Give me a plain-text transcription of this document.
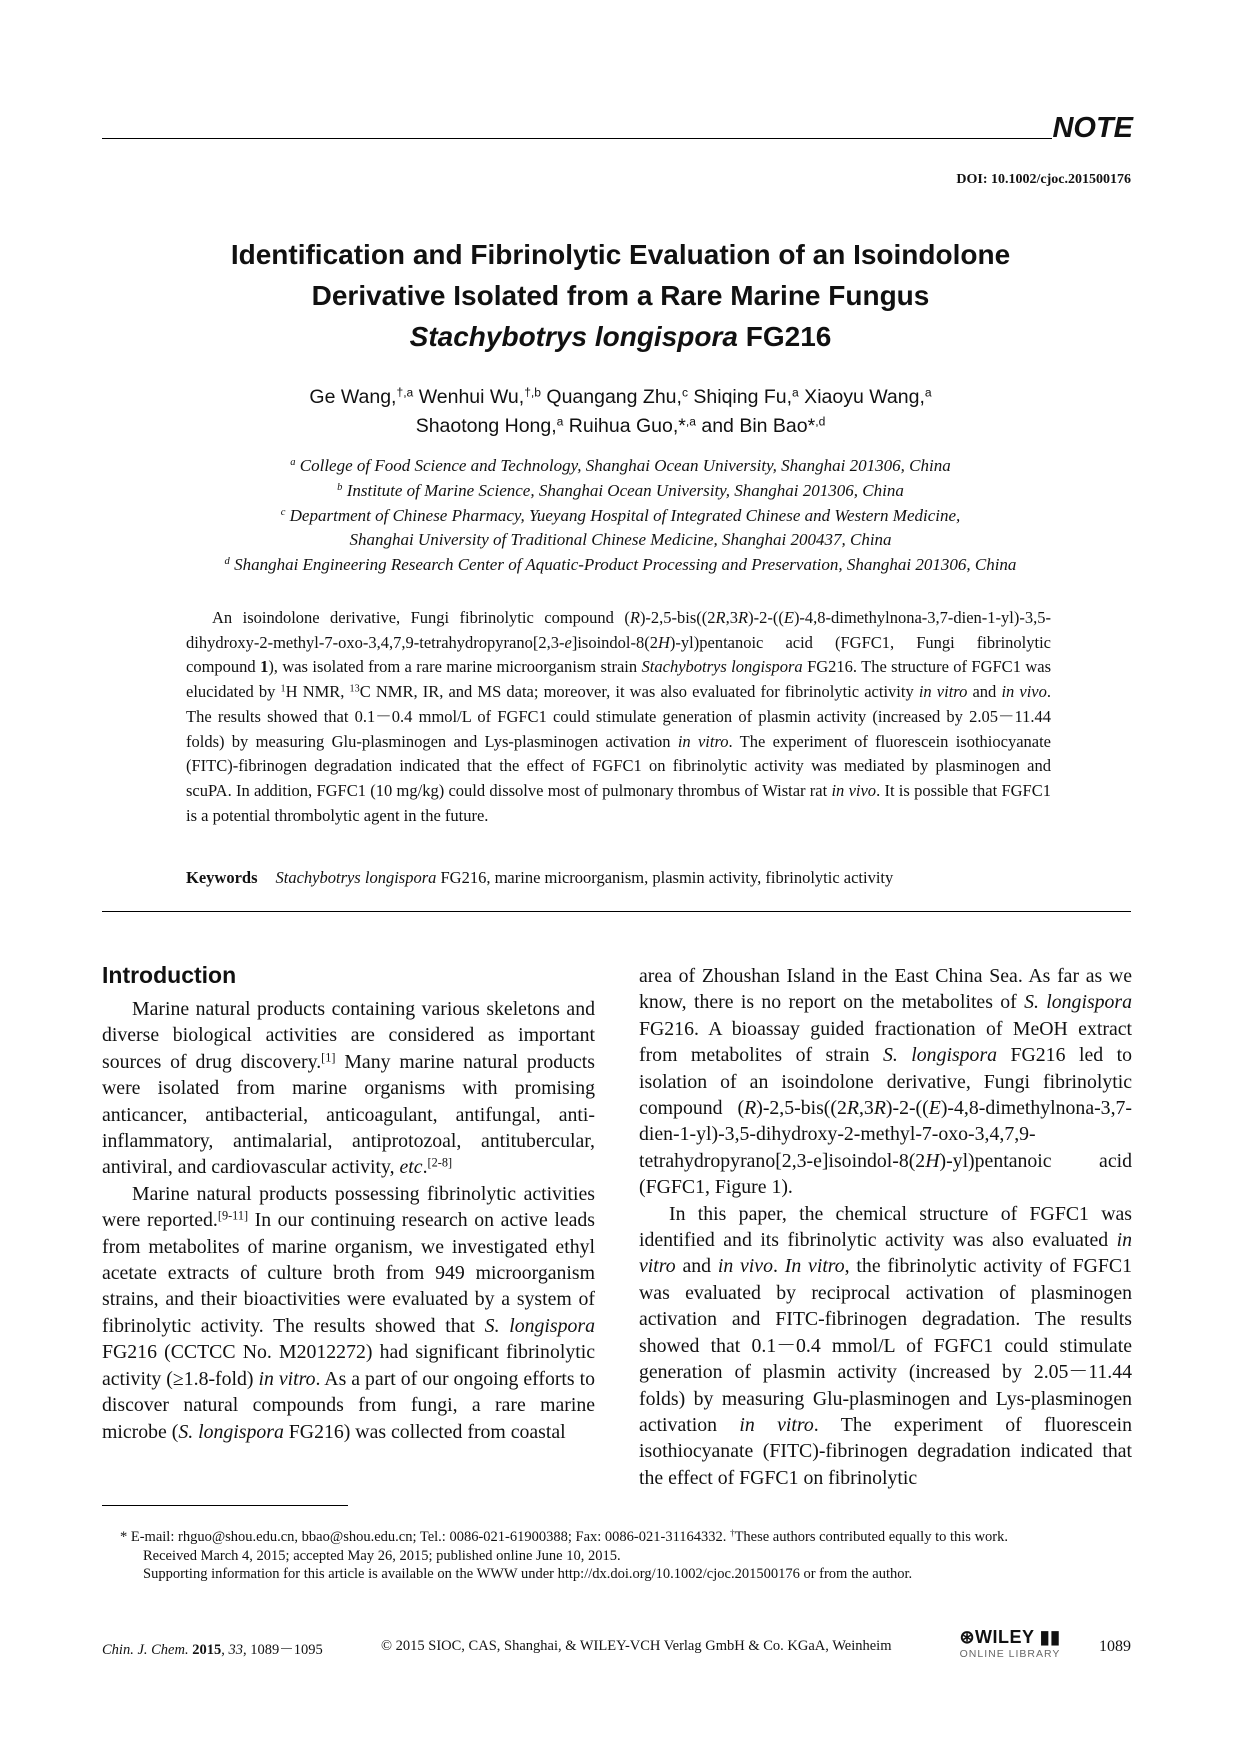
NOTE
DOI: 10.1002/cjoc.201500176
Identification and Fibrinolytic Evaluation of an Isoindolone
Derivative Isolated from a Rare Marine Fungus
Stachybotrys longispora FG216
Ge Wang,$^{\dagger,a}$ Wenhui Wu,$^{\dagger,b}$ Quangang Zhu,$^c$ Shiqing Fu,$^a$ Xiaoyu Wang,$^a$
Shaotong Hong,$^a$ Ruihua Guo,*$^{,a}$ and Bin Bao*$^{,d}$
$^a$ College of Food Science and Technology, Shanghai Ocean University, Shanghai 201306, China
$^b$ Institute of Marine Science, Shanghai Ocean University, Shanghai 201306, China
$^c$ Department of Chinese Pharmacy, Yueyang Hospital of Integrated Chinese and Western Medicine,
Shanghai University of Traditional Chinese Medicine, Shanghai 200437, China
$^d$ Shanghai Engineering Research Center of Aquatic-Product Processing and Preservation, Shanghai 201306, China

An isoindolone derivative, Fungi fibrinolytic compound (R)-2,5-bis((2R,3R)-2-((E)-4,8-dimethylnona-3,7-dien-1-yl)-3,5-dihydroxy-2-methyl-7-oxo-3,4,7,9-tetrahydropyrano[2,3-e]isoindol-8(2H)-yl)pentanoic acid (FGFC1, Fungi fibrinolytic compound 1), was isolated from a rare marine microorganism strain Stachybotrys longispora FG216. The structure of FGFC1 was elucidated by $^1$H NMR, $^{13}$C NMR, IR, and MS data; moreover, it was also evaluated for fibrinolytic activity in vitro and in vivo. The results showed that 0.1－0.4 mmol/L of FGFC1 could stimulate generation of plasmin activity (increased by 2.05－11.44 folds) by measuring Glu-plasminogen and Lys-plasminogen activation in vitro. The experiment of fluorescein isothiocyanate (FITC)-fibrinogen degradation indicated that the effect of FGFC1 on fibrinolytic activity was mediated by plasminogen and scuPA. In addition, FGFC1 (10 mg/kg) could dissolve most of pulmonary thrombus of Wistar rat in vivo. It is possible that FGFC1 is a potential thrombolytic agent in the future.

Keywords Stachybotrys longispora FG216, marine microorganism, plasmin activity, fibrinolytic activity
Introduction

Marine natural products containing various skeletons and diverse biological activities are considered as important sources of drug discovery.[1] Many marine natural products were isolated from marine organisms with promising anticancer, antibacterial, anticoagulant, antifungal, anti-inflammatory, antimalarial, antiprotozoal, antitubercular, antiviral, and cardiovascular activity, etc.[2-8]

Marine natural products possessing fibrinolytic activities were reported.[9-11] In our continuing research on active leads from metabolites of marine organism, we investigated ethyl acetate extracts of culture broth from 949 microorganism strains, and their bioactivities were evaluated by a system of fibrinolytic activity. The results showed that S. longispora FG216 (CCTCC No. M2012272) had significant fibrinolytic activity (≥1.8-fold) in vitro. As a part of our ongoing efforts to discover natural compounds from fungi, a rare marine microbe (S. longispora FG216) was collected from coastal

area of Zhoushan Island in the East China Sea. As far as we know, there is no report on the metabolites of S. longispora FG216. A bioassay guided fractionation of MeOH extract from metabolites of strain S. longispora FG216 led to isolation of an isoindolone derivative, Fungi fibrinolytic compound (R)-2,5-bis((2R,3R)-2-((E)-4,8-dimethylnona-3,7-dien-1-yl)-3,5-dihydroxy-2-methyl-7-oxo-3,4,7,9-tetrahydropyrano[2,3-e]isoindol-8(2H)-yl)pentanoic acid (FGFC1, Figure 1).

In this paper, the chemical structure of FGFC1 was identified and its fibrinolytic activity was also evaluated in vitro and in vivo. In vitro, the fibrinolytic activity of FGFC1 was evaluated by reciprocal activation of plasminogen activation and FITC-fibrinogen degradation. The results showed that 0.1－0.4 mmol/L of FGFC1 could stimulate generation of plasmin activity (increased by 2.05－11.44 folds) by measuring Glu-plasminogen and Lys-plasminogen activation in vitro. The experiment of fluorescein isothiocyanate (FITC)-fibrinogen degradation indicated that the effect of FGFC1 on fibrinolytic

* E-mail: rhguo@shou.edu.cn, bbao@shou.edu.cn; Tel.: 0086-021-61900388; Fax: 0086-021-31164332. †These authors contributed equally to this work.

Received March 4, 2015; accepted May 26, 2015; published online June 10, 2015.

Supporting information for this article is available on the WWW under http://dx.doi.org/10.1002/cjoc.201500176 or from the author.

Chin. J. Chem. 2015, 33, 1089－1095	© 2015 SIOC, CAS, Shanghai, & WILEY-VCH Verlag GmbH & Co. KGaA, Weinheim	⊛WILEY ▮▮
ONLINE LIBRARY	1089
